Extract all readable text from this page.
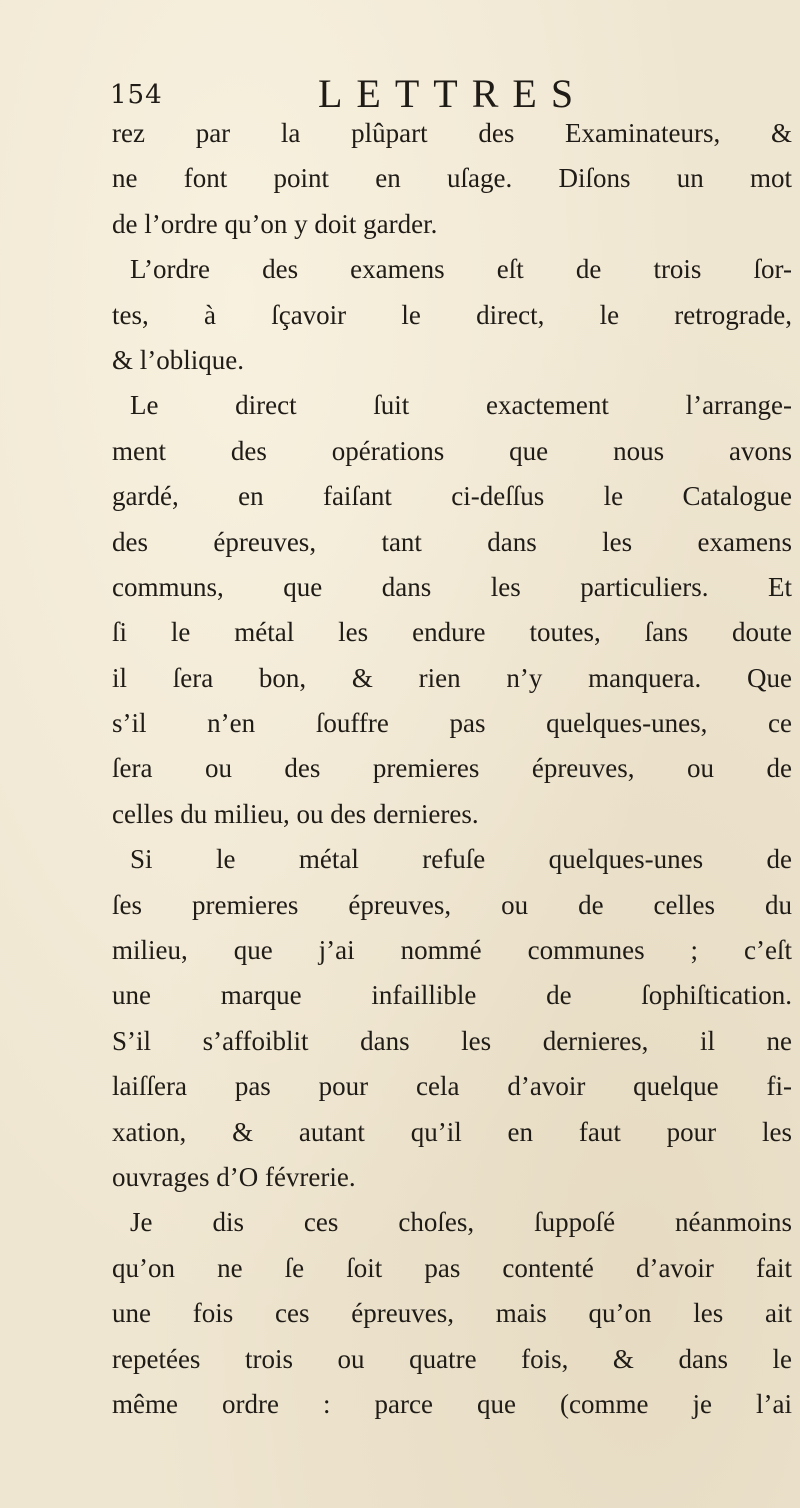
154	LETTRES
rez par la plûpart des Examinateurs, &
ne font point en uſage. Diſons un mot
de l’ordre qu’on y doit garder.
L’ordre des examens eſt de trois ſor-
tes, à ſçavoir le direct, le retrograde,
& l’oblique.
Le direct ſuit exactement l’arrange-
ment des opérations que nous avons
gardé, en faiſant ci-deſſus le Catalogue
des épreuves, tant dans les examens
communs, que dans les particuliers. Et
ſi le métal les endure toutes, ſans doute
il ſera bon, & rien n’y manquera. Que
s’il n’en ſouffre pas quelques-unes, ce
ſera ou des premieres épreuves, ou de
celles du milieu, ou des dernieres.
Si le métal refuſe quelques-unes de
ſes premieres épreuves, ou de celles du
milieu, que j’ai nommé communes ; c’eſt
une marque infaillible de ſophiſtication.
S’il s’affoiblit dans les dernieres, il ne
laiſſera pas pour cela d’avoir quelque fi-
xation, & autant qu’il en faut pour les
ouvrages d’O févrerie.
Je dis ces choſes, ſuppoſé néanmoins
qu’on ne ſe ſoit pas contenté d’avoir fait
une fois ces épreuves, mais qu’on les ait
repetées trois ou quatre fois, & dans le
même ordre : parce que (comme je l’ai
